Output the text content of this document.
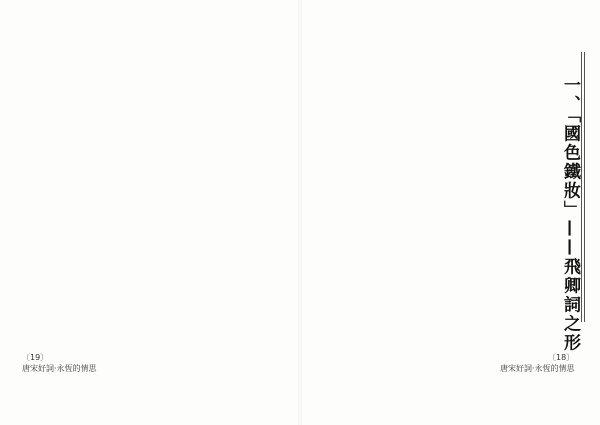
〔19〕
唐宋好詞·永恆的情思
一、「國色鐵妝」——飛卿詞之形
〔18〕
唐宋好詞·永恆的情思
